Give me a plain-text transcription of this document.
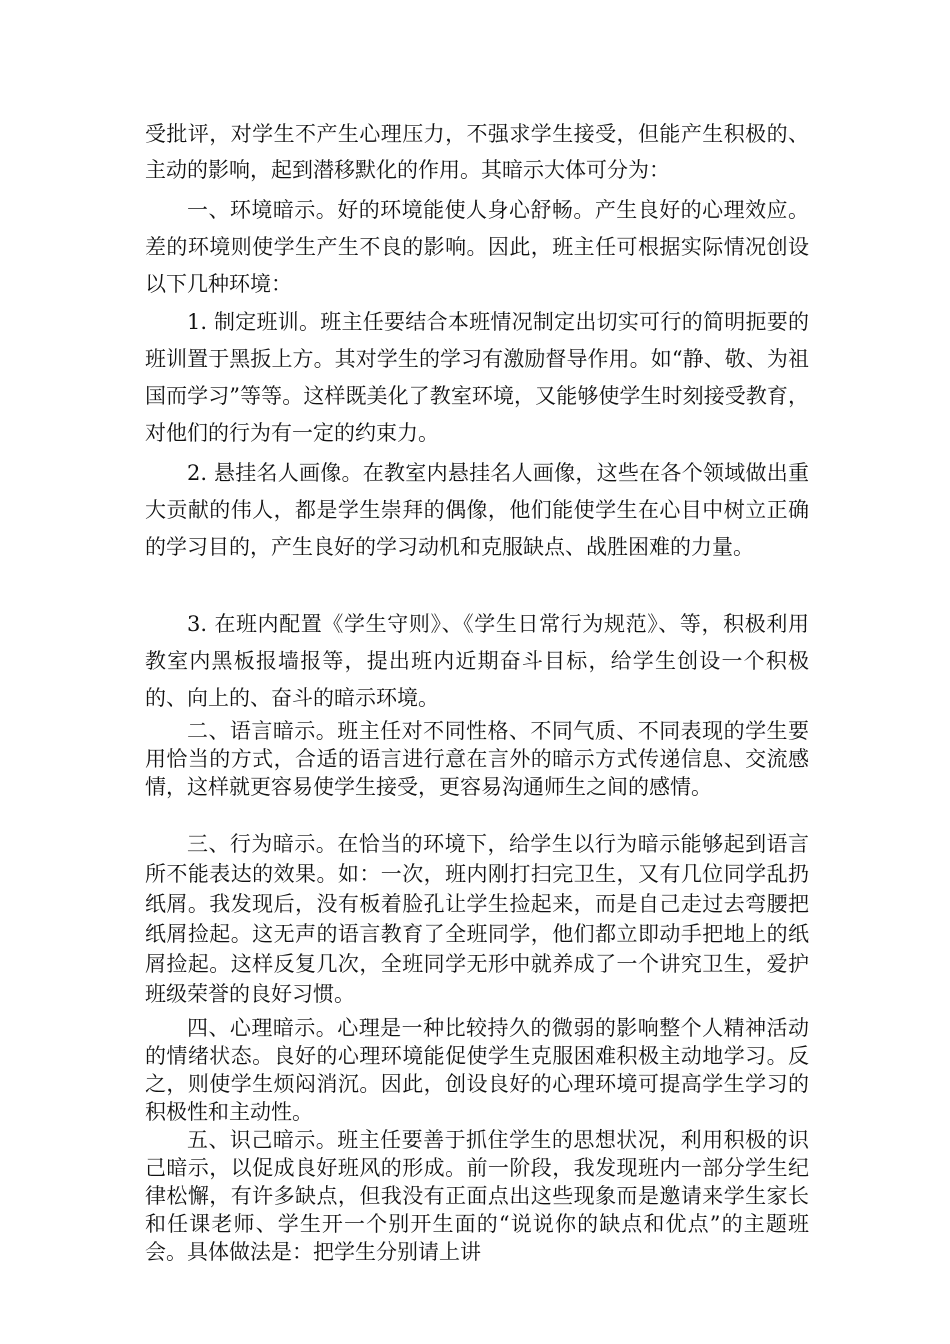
受批评，对学生不产生心理压力，不强求学生接受，但能产生积极的、主动的影响，起到潜移默化的作用。其暗示大体可分为：

一、环境暗示。好的环境能使人身心舒畅。产生良好的心理效应。差的环境则使学生产生不良的影响。因此，班主任可根据实际情况创设以下几种环境：

1. 制定班训。班主任要结合本班情况制定出切实可行的简明扼要的班训置于黑扳上方。其对学生的学习有激励督导作用。如“静、敬、为祖国而学习”等等。这样既美化了教室环境，又能够使学生时刻接受教育，对他们的行为有一定的约束力。

2. 悬挂名人画像。在教室内悬挂名人画像，这些在各个领域做出重大贡献的伟人，都是学生崇拜的偶像，他们能使学生在心目中树立正确的学习目的，产生良好的学习动机和克服缺点、战胜困难的力量。

3. 在班内配置《学生守则》、《学生日常行为规范》、等，积极利用教室内黑板报墙报等，提出班内近期奋斗目标，给学生创设一个积极的、向上的、奋斗的暗示环境。

二、语言暗示。班主任对不同性格、不同气质、不同表现的学生要用恰当的方式，合适的语言进行意在言外的暗示方式传递信息、交流感情，这样就更容易使学生接受，更容易沟通师生之间的感情。

三、行为暗示。在恰当的环境下，给学生以行为暗示能够起到语言所不能表达的效果。如：一次，班内刚打扫完卫生，又有几位同学乱扔纸屑。我发现后，没有板着脸孔让学生捡起来，而是自己走过去弯腰把纸屑捡起。这无声的语言教育了全班同学，他们都立即动手把地上的纸屑捡起。这样反复几次，全班同学无形中就养成了一个讲究卫生，爱护班级荣誉的良好习惯。

四、心理暗示。心理是一种比较持久的微弱的影响整个人精神活动的情绪状态。良好的心理环境能促使学生克服困难积极主动地学习。反之，则使学生烦闷消沉。因此，创设良好的心理环境可提高学生学习的积极性和主动性。

五、识己暗示。班主任要善于抓住学生的思想状况，利用积极的识己暗示，以促成良好班风的形成。前一阶段，我发现班内一部分学生纪律松懈，有许多缺点，但我没有正面点出这些现象而是邀请来学生家长和任课老师、学生开一个别开生面的“说说你的缺点和优点”的主题班会。具体做法是：把学生分别请上讲
